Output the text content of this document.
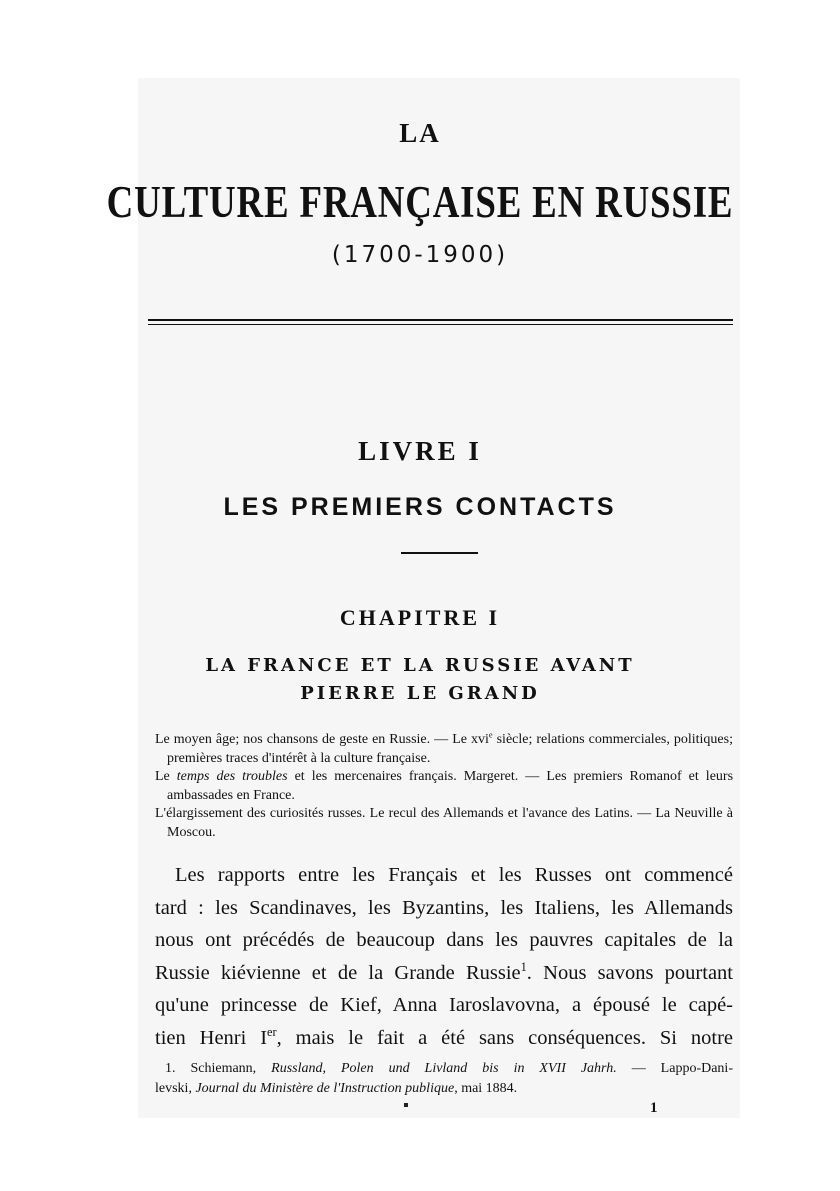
LA
CULTURE FRANÇAISE EN RUSSIE
(1700-1900)
LIVRE I
LES PREMIERS CONTACTS
CHAPITRE I
LA FRANCE ET LA RUSSIE AVANT
PIERRE LE GRAND

Le moyen âge; nos chansons de geste en Russie. — Le xvi$^e$ siècle; relations commerciales, politiques; premières traces d'intérêt à la culture française.

Le temps des troubles et les mercenaires français. Margeret. — Les premiers Romanof et leurs ambassades en France.

L'élargissement des curiosités russes. Le recul des Allemands et l'avance des Latins. — La Neuville à Moscou.

Les rapports entre les Français et les Russes ont commencé
tard : les Scandinaves, les Byzantins, les Italiens, les Allemands
nous ont précédés de beaucoup dans les pauvres capitales de la
Russie kiévienne et de la Grande Russie$^1$. Nous savons pourtant
qu'une princesse de Kief, Anna Iaroslavovna, a épousé le capé-
tien Henri Ier, mais le fait a été sans conséquences. Si notre
1. Schiemann, Russland, Polen und Livland bis in XVII Jahrh. — Lappo-Dani-
levski, Journal du Ministère de l'Instruction publique, mai 1884.
1
